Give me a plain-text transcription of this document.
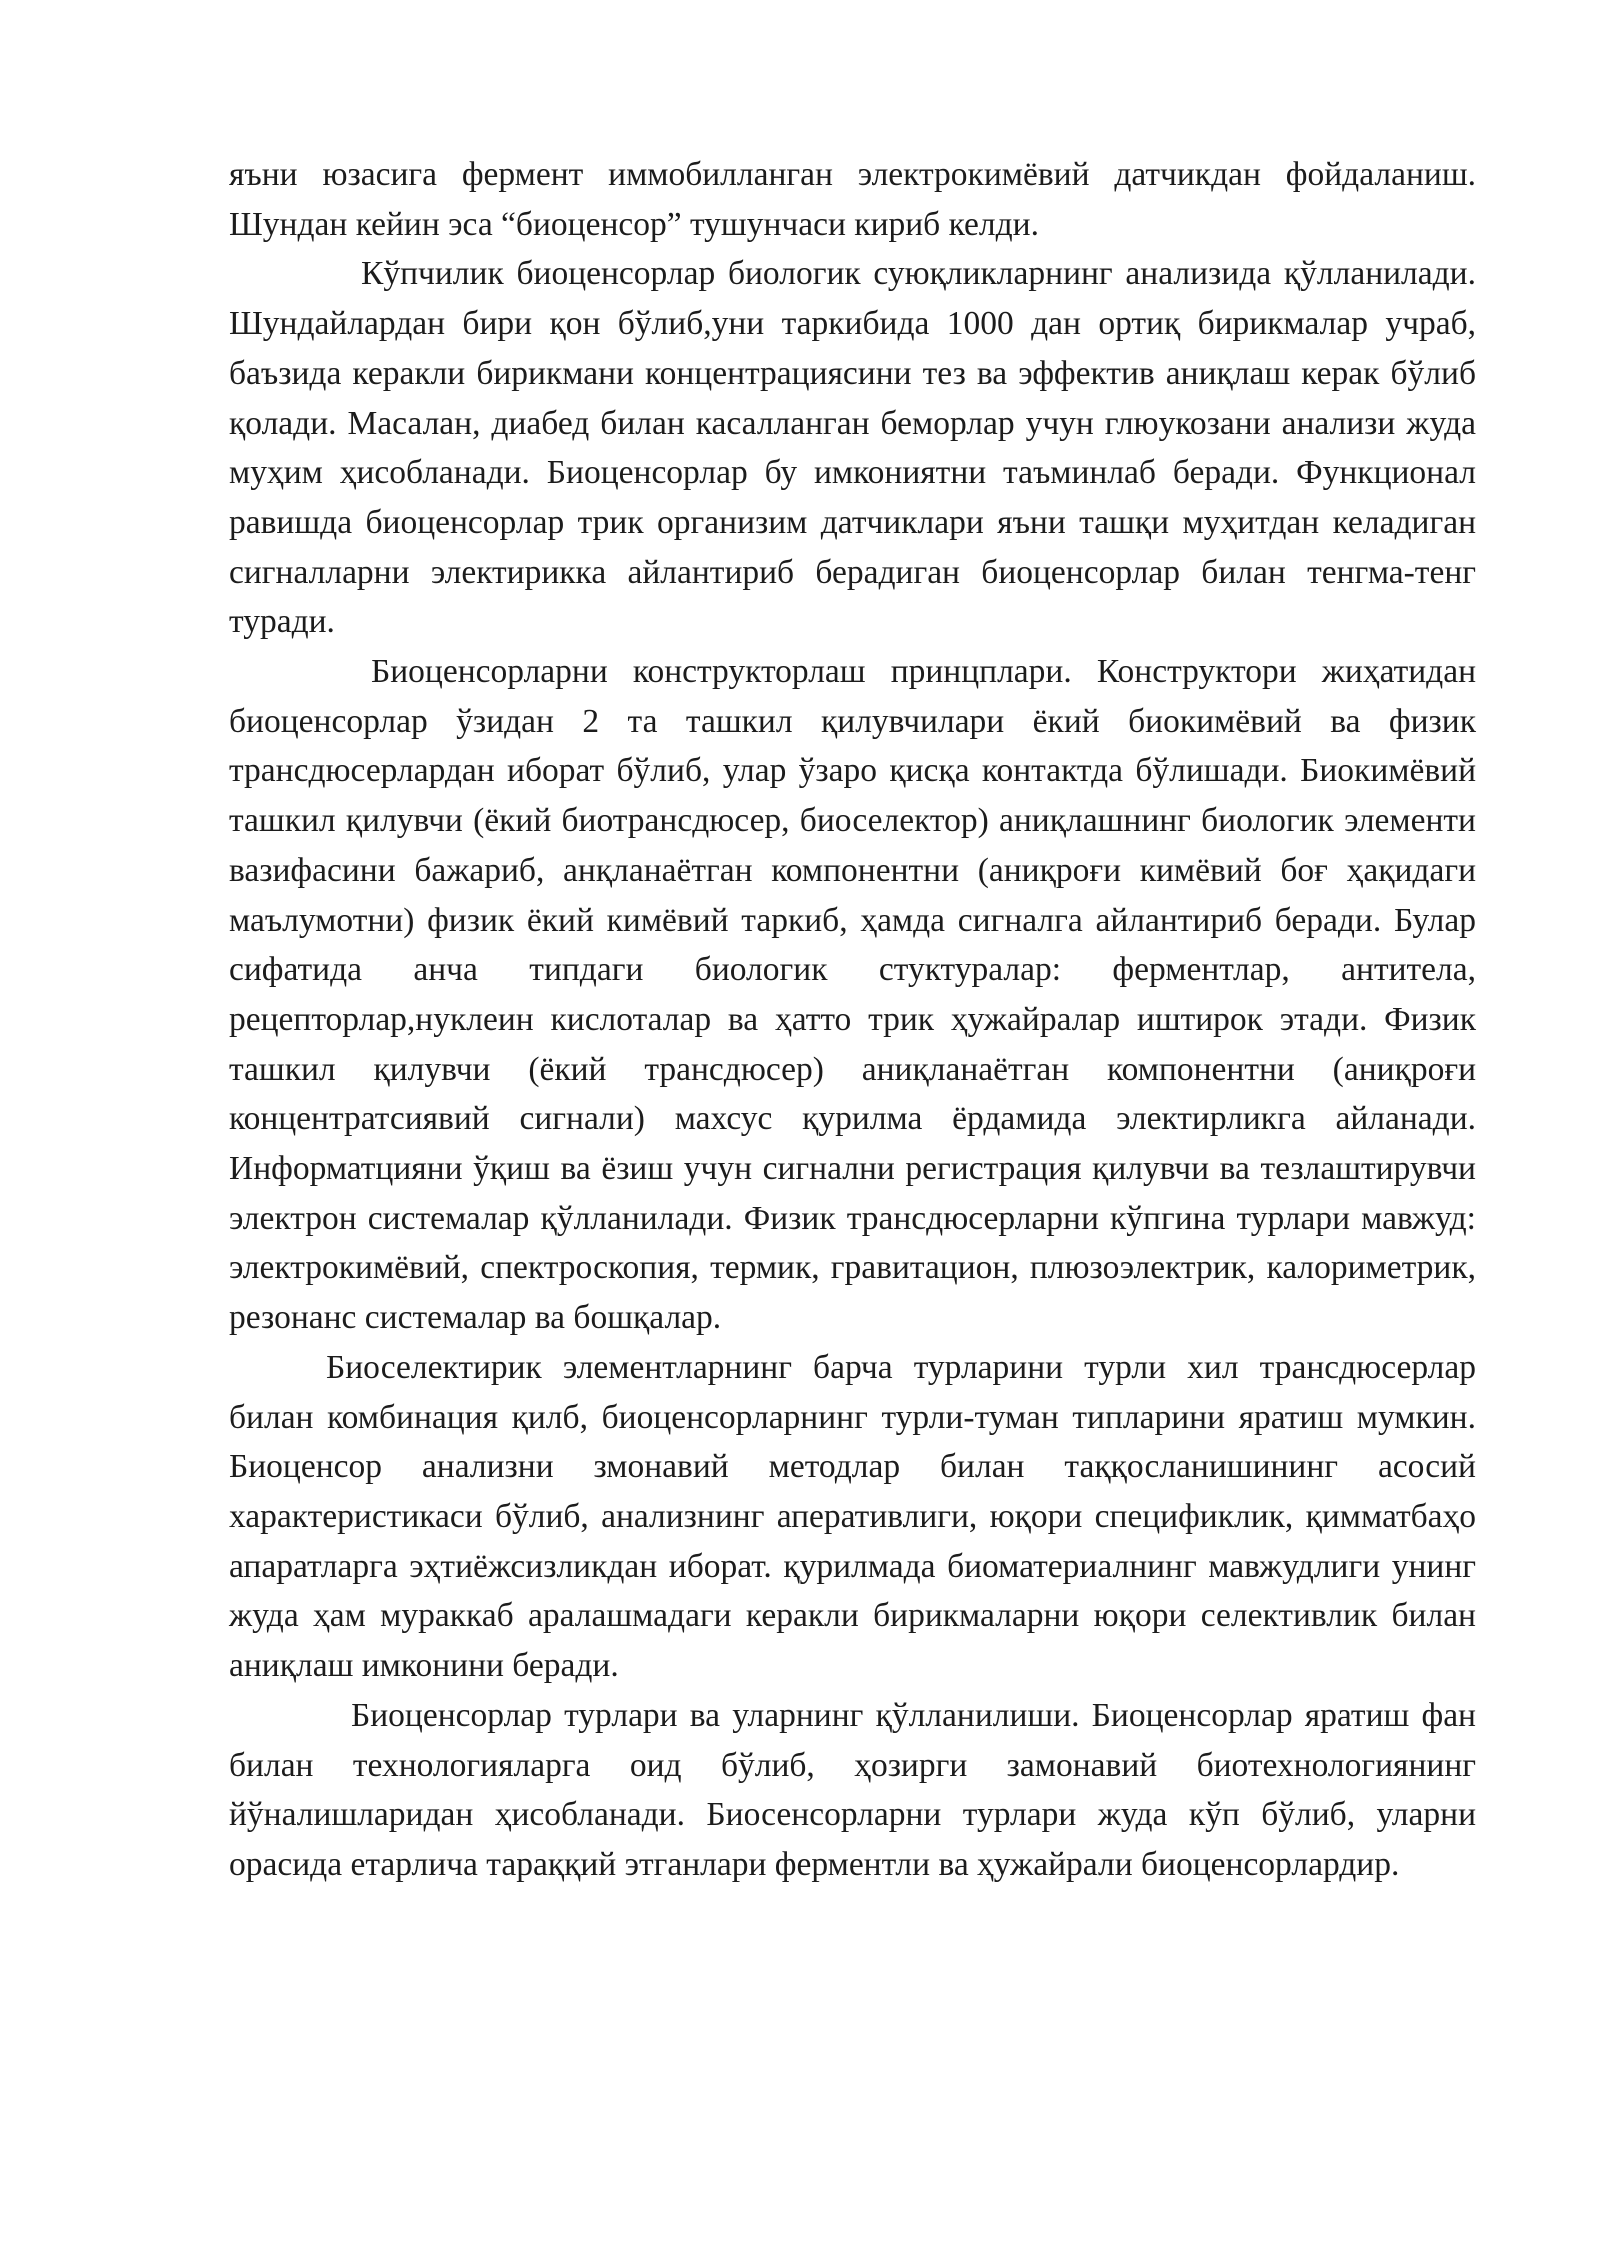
яъни юзасига фермент иммобилланган электрокимёвий датчикдан фойдаланиш. Шундан кейин эса “биоценсор” тушунчаси кириб келди.

Кўпчилик биоценсорлар биологик суюқликларнинг анализида қўлланилади. Шундайлардан бири қон бўлиб,уни таркибида 1000 дан ортиқ бирикмалар учраб, баъзида керакли бирикмани концентрациясини тез ва эффектив аниқлаш керак бўлиб қолади. Масалан, диабед билан касалланган беморлар учун глюукозани анализи жуда муҳим ҳисобланади. Биоценсорлар бу имкониятни таъминлаб беради. Функционал равишда биоценсорлар трик организим датчиклари яъни ташқи муҳитдан келадиган сигналларни электирикка айлантириб берадиган биоценсорлар билан тенгма-тенг туради.

Биоценсорларни конструкторлаш принцплари. Конструктори жиҳатидан биоценсорлар ўзидан 2 та ташкил қилувчилари ёкий биокимёвий ва физик трансдюсерлардан иборат бўлиб, улар ўзаро қисқа контактда бўлишади. Биокимёвий ташкил қилувчи (ёкий биотрансдюсер, биоселектор) аниқлашнинг биологик элементи вазифасини бажариб, анқланаётган компонентни (аниқроғи кимёвий боғ ҳақидаги маълумотни) физик ёкий кимёвий таркиб, ҳамда сигналга айлантириб беради. Булар сифатида анча типдаги биологик стуктуралар: ферментлар, антитела, рецепторлар,нуклеин кислоталар ва ҳатто трик ҳужайралар иштирок этади. Физик ташкил қилувчи (ёкий трансдюсер) аниқланаётган компонентни (аниқроғи концентратсиявий сигнали) махсус қурилма ёрдамида электирликга айланади. Информатцияни ўқиш ва ёзиш учун сигнални регистрация қилувчи ва тезлаштирувчи электрон системалар қўлланилади. Физик трансдюсерларни кўпгина турлари мавжуд: электрокимёвий, спектроскопия, термик, гравитацион, плюзоэлектрик, калориметрик, резонанс системалар ва бошқалар.

Биоселектирик элементларнинг барча турларини турли хил трансдюсерлар билан комбинация қилб, биоценсорларнинг турли-туман типларини яратиш мумкин. Биоценсор анализни змонавий методлар билан таққосланишининг асосий характеристикаси бўлиб, анализнинг аперативлиги, юқори спецификлик, қимматбаҳо апаратларга эҳтиёжсизликдан иборат. қурилмада биоматериалнинг мавжудлиги унинг жуда ҳам мураккаб аралашмадаги керакли бирикмаларни юқори селективлик билан аниқлаш имконини беради.

Биоценсорлар турлари ва уларнинг қўлланилиши. Биоценсорлар яратиш фан билан технологияларга оид бўлиб, ҳозирги замонавий биотехнологиянинг йўналишларидан ҳисобланади. Биосенсорларни турлари жуда кўп бўлиб, уларни орасида етарлича тараққий этганлари ферментли ва ҳужайрали биоценсорлардир.
